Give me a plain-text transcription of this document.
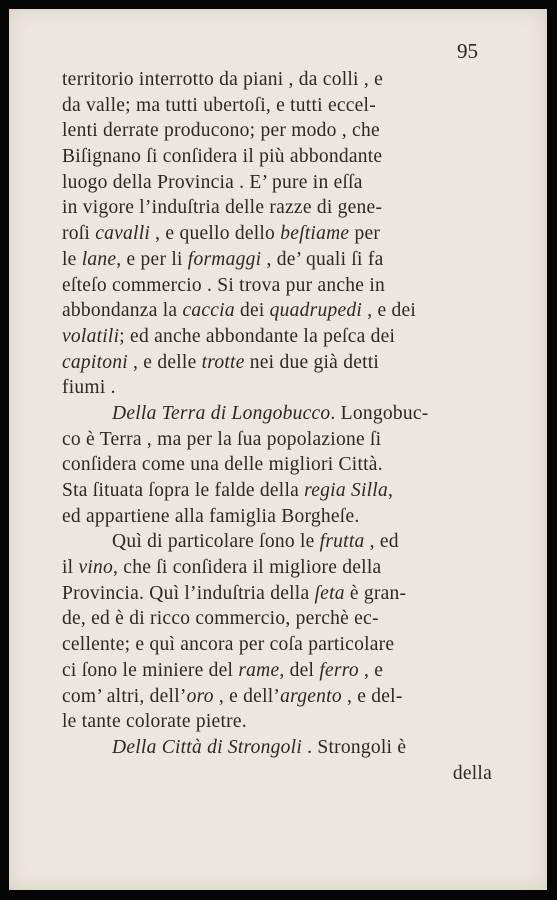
95
territorio interrotto da piani , da colli , e
da valle; ma tutti ubertoſi, e tutti eccel-
lenti derrate producono; per modo , che
Biſignano ſi conſidera il più abbondante
luogo della Provincia . E’ pure in eſſa
in vigore l’induſtria delle razze di gene-
roſi cavalli , e quello dello beſtiame per
le lane, e per li formaggi , de’ quali ſi fa
eſteſo commercio . Si trova pur anche in
abbondanza la caccia dei quadrupedi , e dei
volatili; ed anche abbondante la peſca dei
capitoni , e delle trotte nei due già detti
fiumi .
Della Terra di Longobucco. Longobuc-
co è Terra , ma per la ſua popolazione ſi
conſidera come una delle migliori Città.
Sta ſituata ſopra le falde della regia Silla,
ed appartiene alla famiglia Borgheſe.
Quì di particolare ſono le frutta , ed
il vino, che ſi conſidera il migliore della
Provincia. Quì l’induſtria della ſeta è gran-
de, ed è di ricco commercio, perchè ec-
cellente; e quì ancora per coſa particolare
ci ſono le miniere del rame, del ferro , e
com’ altri, dell’oro , e dell’argento , e del-
le tante colorate pietre.
Della Città di Strongoli . Strongoli è
della
